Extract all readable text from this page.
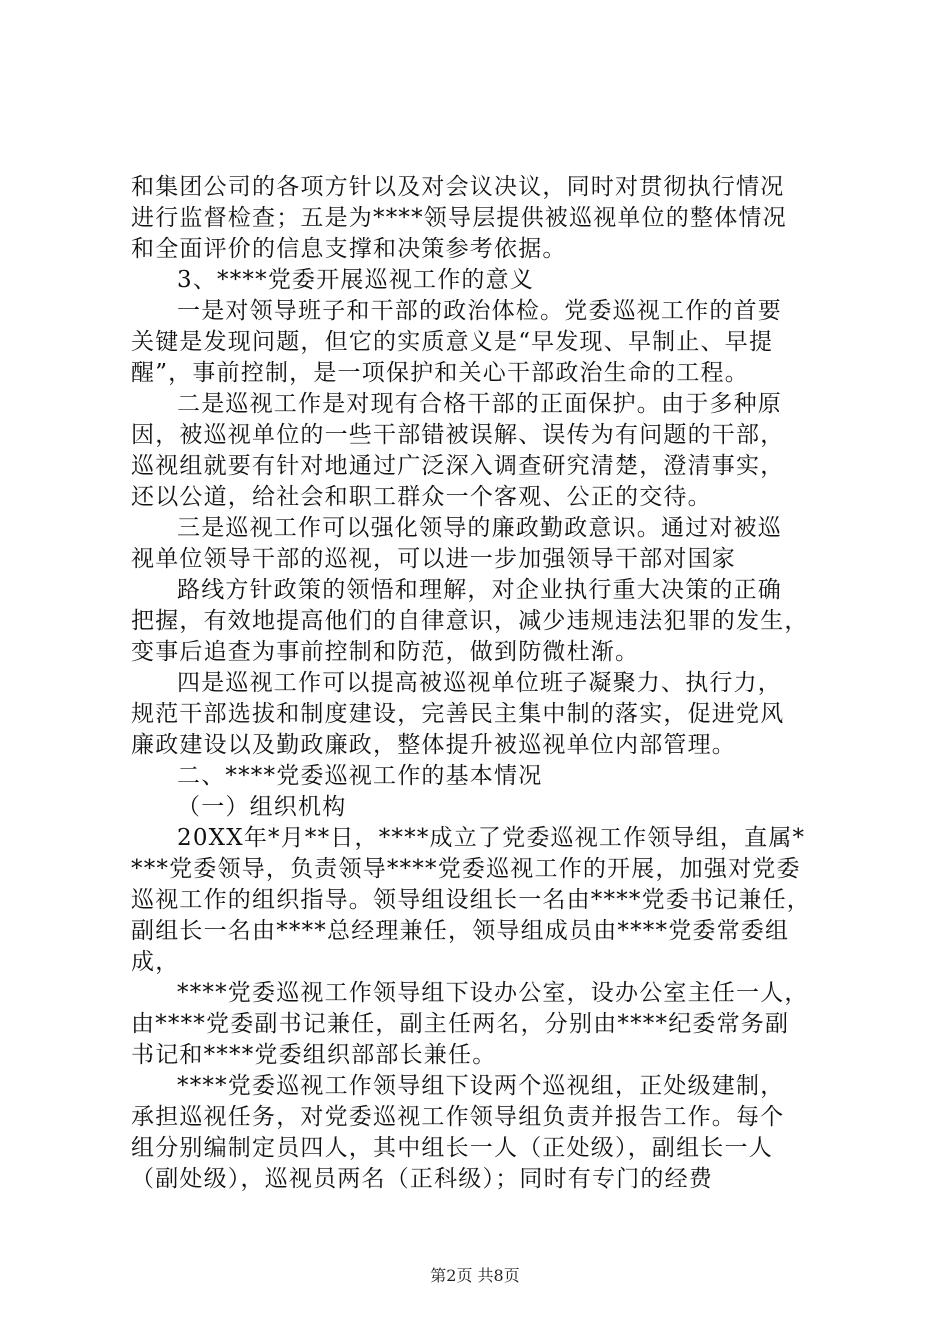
和集团公司的各项方针以及对会议决议，同时对贯彻执行情况
进行监督检查；五是为****领导层提供被巡视单位的整体情况
和全面评价的信息支撑和决策参考依据。
3、****党委开展巡视工作的意义
一是对领导班子和干部的政治体检。党委巡视工作的首要
关键是发现问题，但它的实质意义是“早发现、早制止、早提
醒”，事前控制，是一项保护和关心干部政治生命的工程。
二是巡视工作是对现有合格干部的正面保护。由于多种原
因，被巡视单位的一些干部错被误解、误传为有问题的干部，
巡视组就要有针对地通过广泛深入调查研究清楚，澄清事实，
还以公道，给社会和职工群众一个客观、公正的交待。
三是巡视工作可以强化领导的廉政勤政意识。通过对被巡
视单位领导干部的巡视，可以进一步加强领导干部对国家
路线方针政策的领悟和理解，对企业执行重大决策的正确
把握，有效地提高他们的自律意识，减少违规违法犯罪的发生，
变事后追查为事前控制和防范，做到防微杜渐。
四是巡视工作可以提高被巡视单位班子凝聚力、执行力，
规范干部选拔和制度建设，完善民主集中制的落实，促进党风
廉政建设以及勤政廉政，整体提升被巡视单位内部管理。
二、****党委巡视工作的基本情况
（一）组织机构
20XX年*月**日，****成立了党委巡视工作领导组，直属*
***党委领导，负责领导****党委巡视工作的开展，加强对党委
巡视工作的组织指导。领导组设组长一名由****党委书记兼任，
副组长一名由****总经理兼任，领导组成员由****党委常委组
成，
****党委巡视工作领导组下设办公室，设办公室主任一人，
由****党委副书记兼任，副主任两名，分别由****纪委常务副
书记和****党委组织部部长兼任。
****党委巡视工作领导组下设两个巡视组，正处级建制，
承担巡视任务，对党委巡视工作领导组负责并报告工作。每个
组分别编制定员四人，其中组长一人（正处级），副组长一人
（副处级），巡视员两名（正科级）；同时有专门的经费
第2页 共8页
